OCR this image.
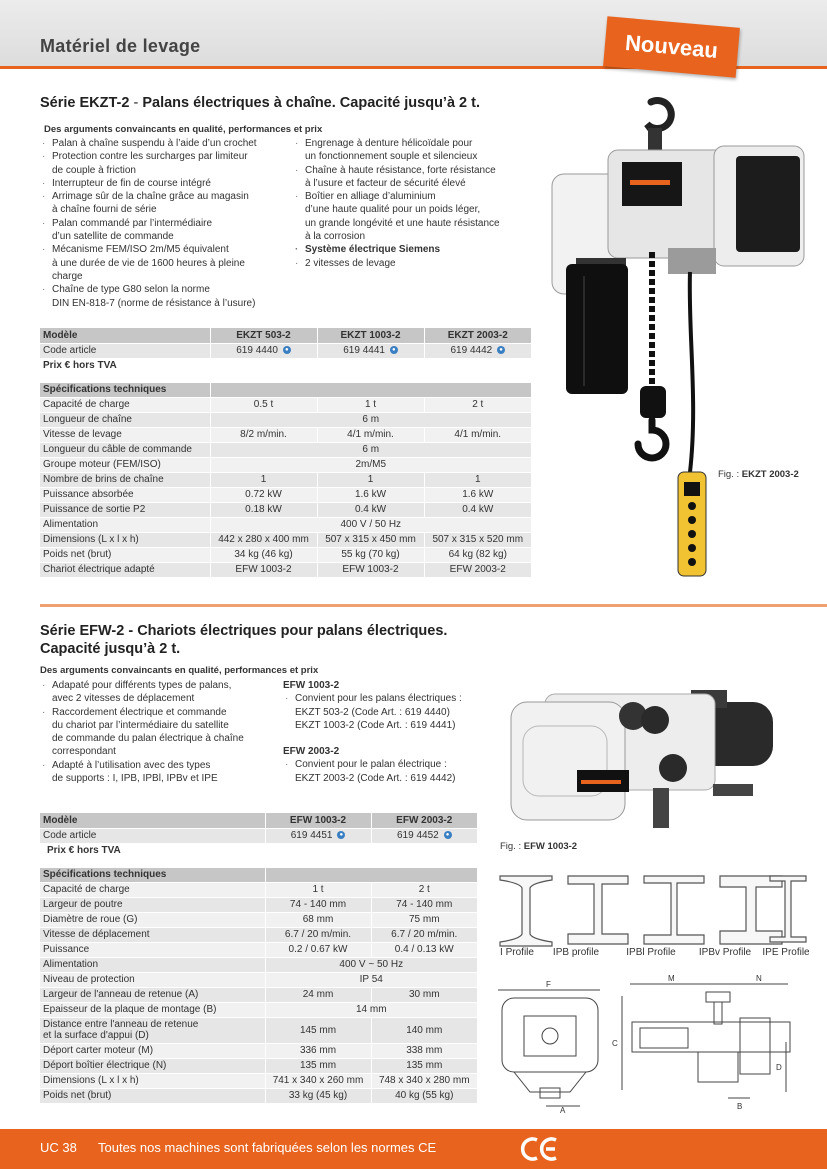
Matériel de levage	Nouveau
Série EKZT-2 - Palans électriques à chaîne. Capacité jusqu’à 2 t.
Des arguments convaincants en qualité, performances et prix
· Palan à chaîne suspendu à l’aide d’un crochet
· Protection contre les surcharges par limiteur
de couple à friction
· Interrupteur de fin de course intégré
· Arrimage sûr de la chaîne grâce au magasin
à chaîne fourni de série
· Palan commandé par l’intermédiaire
d’un satellite de commande
· Mécanisme FEM/ISO 2m/M5 équivalent
à une durée de vie de 1600 heures à pleine
charge
· Chaîne de type G80 selon la norme
DIN EN-818-7 (norme de résistance à l’usure)
· Engrenage à denture hélicoïdale pour
un fonctionnement souple et silencieux
· Chaîne à haute résistance, forte résistance
à l’usure et facteur de sécurité élevé
· Boîtier en alliage d’aluminium
d’une haute qualité pour un poids léger,
un grande longévité et une haute résistance
à la corrosion
· Système électrique Siemens
· 2 vitesses de levage
Fig. : EKZT 2003-2
Modèle	EKZT 503-2	EKZT 1003-2	EKZT 2003-2
Code article	619 4440 ●	619 4441 ●	619 4442 ●
Prix € hors TVA			

Spécifications techniques			
Capacité de charge	0.5 t	1 t	2 t
Longueur de chaîne	6 m		
Vitesse de levage	8/2 m/min.	4/1 m/min.	4/1 m/min.
Longueur du câble de commande	6 m		
Groupe moteur (FEM/ISO)	2m/M5		
Nombre de brins de chaîne	1	1	1
Puissance absorbée	0.72 kW	1.6 kW	1.6 kW
Puissance de sortie P2	0.18 kW	0.4 kW	0.4 kW
Alimentation	400 V / 50 Hz		
Dimensions (L x l x h)	442 x 280 x 400 mm	507 x 315 x 450 mm	507 x 315 x 520 mm
Poids net (brut)	34 kg (46 kg)	55 kg (70 kg)	64 kg (82 kg)
Chariot électrique adapté	EFW 1003-2	EFW 1003-2	EFW 2003-2
Série EFW-2 - Chariots électriques pour palans électriques.
Capacité jusqu’à 2 t.
Des arguments convaincants en qualité, performances et prix
· Adapaté pour différents types de palans,
avec 2 vitesses de déplacement
· Raccordement électrique et commande
du chariot par l’intermédiaire du satellite
de commande du palan électrique à chaîne
correspondant
· Adapté à l’utilisation avec des types
de supports : I, IPB, IPBl, IPBv et IPE
EFW 1003-2
· Convient pour les palans électriques :
EKZT 503-2 (Code Art. : 619 4440)
EKZT 1003-2 (Code Art. : 619 4441)
EFW 2003-2
· Convient pour le palan électrique :
EKZT 2003-2 (Code Art. : 619 4442)
Fig. : EFW 1003-2
Modèle	EFW 1003-2	EFW 2003-2
Code article	619 4451 ●	619 4452 ●
Prix € hors TVA		

Spécifications techniques		
Capacité de charge	1 t	2 t
Largeur de poutre	74 - 140 mm	74 - 140 mm
Diamètre de roue (G)	68 mm	75 mm
Vitesse de déplacement	6.7 / 20 m/min.	6.7 / 20 m/min.
Puissance	0.2 / 0.67 kW	0.4 / 0.13 kW
Alimentation	400 V ~ 50 Hz	
Niveau de protection	IP 54	
Largeur de l'anneau de retenue (A)	24 mm	30 mm
Epaisseur de la plaque de montage (B)	14 mm	
Distance entre l'anneau de retenue
et la surface d'appui (D)	145 mm	140 mm
Déport carter moteur (M)	336 mm	338 mm
Déport boîtier électrique (N)	135 mm	135 mm
Dimensions (L x l x h)	741 x 340 x 260 mm	748 x 340 x 280 mm
Poids net (brut)	33 kg (45 kg)	40 kg (55 kg)
I Profile	IPB profile	IPBl Profile	IPBv Profile	IPE Profile
F
A
M	N
C
D
B
UC 38 Toutes nos machines sont fabriquées selon les normes CE
